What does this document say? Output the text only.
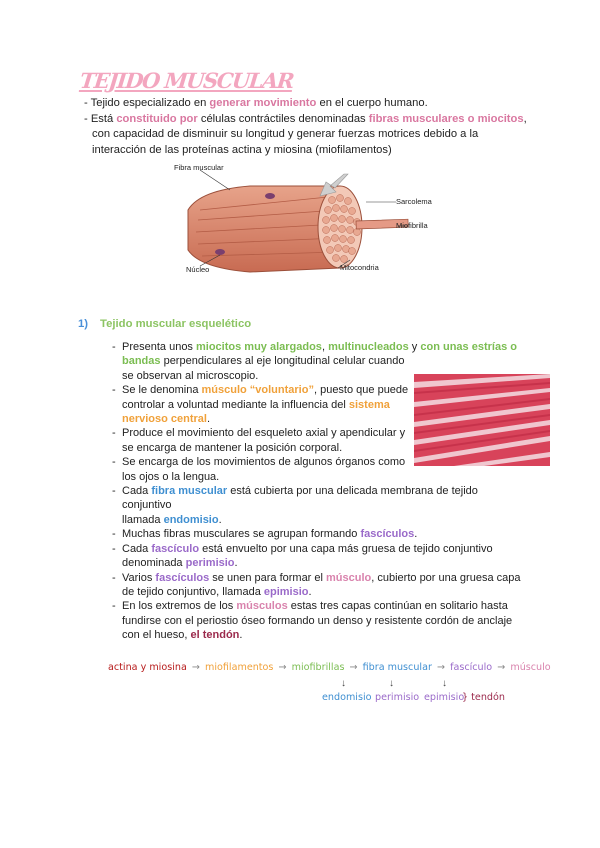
TEJIDO MUSCULAR

- Tejido especializado en generar movimiento en el cuerpo humano.

- Está constituido por células contráctiles denominadas fibras musculares o miocitos,

con capacidad de disminuir su longitud y generar fuerzas motrices debido a la

interacción de las proteínas actina y miosina (miofilamentos)

Fibra muscular
Sarcolema
Miofibrilla
Núcleo	Mitocondria
1) Tejido muscular esquelético
- Presenta unos miocitos muy alargados, multinucleados y con unas estrías o
bandas perpendiculares al eje longitudinal celular cuando
se observan al microscopio.
- Se le denomina músculo “voluntario”, puesto que puede
controlar a voluntad mediante la influencia del sistema
nervioso central.
- Produce el movimiento del esqueleto axial y apendicular y
se encarga de mantener la posición corporal.
- Se encarga de los movimientos de algunos órganos como
los ojos o la lengua.
- Cada fibra muscular está cubierta por una delicada membrana de tejido conjuntivo
llamada endomisio.
- Muchas fibras musculares se agrupan formando fascículos.
- Cada fascículo está envuelto por una capa más gruesa de tejido conjuntivo
denominada perimisio.
- Varios fascículos se unen para formar el músculo, cubierto por una gruesa capa
de tejido conjuntivo, llamada epimisio.
- En los extremos de los músculos estas tres capas continúan en solitario hasta
fundirse con el periostio óseo formando un denso y resistente cordón de anclaje
con el hueso, el tendón.
actina y miosina → miofilamentos → miofibrillas → fibra muscular → fascículo → músculo
↓	↓	↓
endomisio perimisio epimisio
} tendón
